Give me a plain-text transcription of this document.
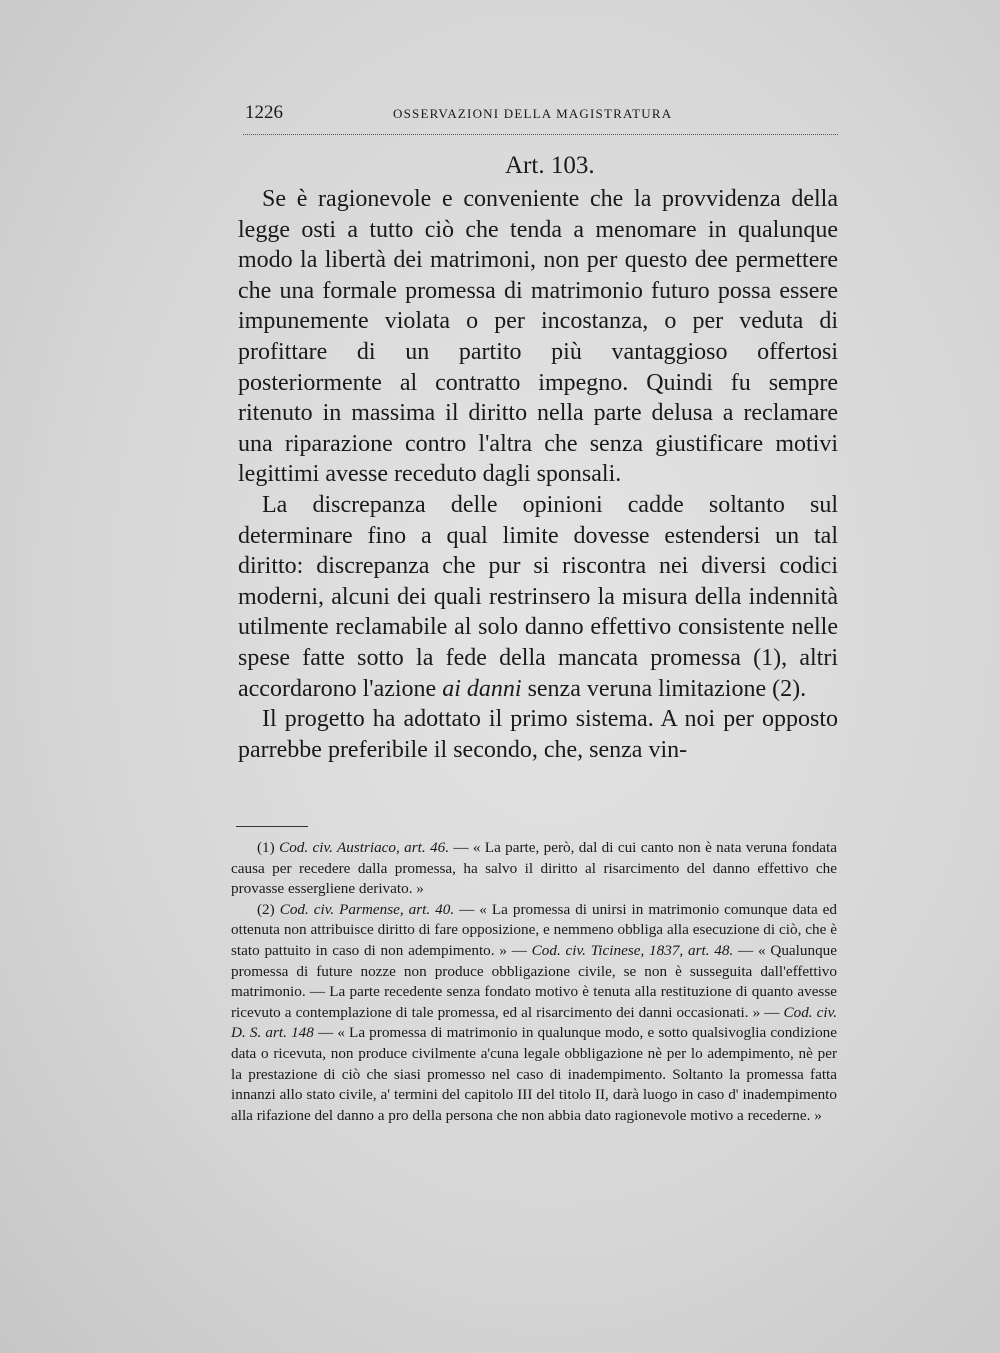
1226	OSSERVAZIONI DELLA MAGISTRATURA
Art. 103.

Se è ragionevole e conveniente che la provvidenza della legge osti a tutto ciò che tenda a menomare in qualunque modo la libertà dei matrimoni, non per questo dee permettere che una formale promessa di matrimonio futuro possa essere impunemente violata o per incostanza, o per veduta di profittare di un partito più vantaggioso offertosi posteriormente al contratto impegno. Quindi fu sempre ritenuto in massima il diritto nella parte delusa a reclamare una riparazione contro l'altra che senza giustificare motivi legittimi avesse receduto dagli sponsali.

La discrepanza delle opinioni cadde soltanto sul determinare fino a qual limite dovesse estendersi un tal diritto: discrepanza che pur si riscontra nei diversi codici moderni, alcuni dei quali restrinsero la misura della indennità utilmente reclamabile al solo danno effettivo consistente nelle spese fatte sotto la fede della mancata promessa (1), altri accordarono l'azione ai danni senza veruna limitazione (2).

Il progetto ha adottato il primo sistema. A noi per opposto parrebbe preferibile il secondo, che, senza vin-

(1) Cod. civ. Austriaco, art. 46. — « La parte, però, dal di cui canto non è nata veruna fondata causa per recedere dalla promessa, ha salvo il diritto al risarcimento del danno effettivo che provasse essergliene derivato. »

(2) Cod. civ. Parmense, art. 40. — « La promessa di unirsi in matrimonio comunque data ed ottenuta non attribuisce diritto di fare opposizione, e nemmeno obbliga alla esecuzione di ciò, che è stato pattuito in caso di non adempimento. » — Cod. civ. Ticinese, 1837, art. 48. — « Qualunque promessa di future nozze non produce obbligazione civile, se non è susseguita dall'effettivo matrimonio. — La parte recedente senza fondato motivo è tenuta alla restituzione di quanto avesse ricevuto a contemplazione di tale promessa, ed al risarcimento dei danni occasionati. » — Cod. civ. D. S. art. 148 — « La promessa di matrimonio in qualunque modo, e sotto qualsivoglia condizione data o ricevuta, non produce civilmente a'cuna legale obbligazione nè per lo adempimento, nè per la prestazione di ciò che siasi promesso nel caso di inadempimento. Soltanto la promessa fatta innanzi allo stato civile, a' termini del capitolo III del titolo II, darà luogo in caso d' inadempimento alla rifazione del danno a pro della persona che non abbia dato ragionevole motivo a recederne. »
